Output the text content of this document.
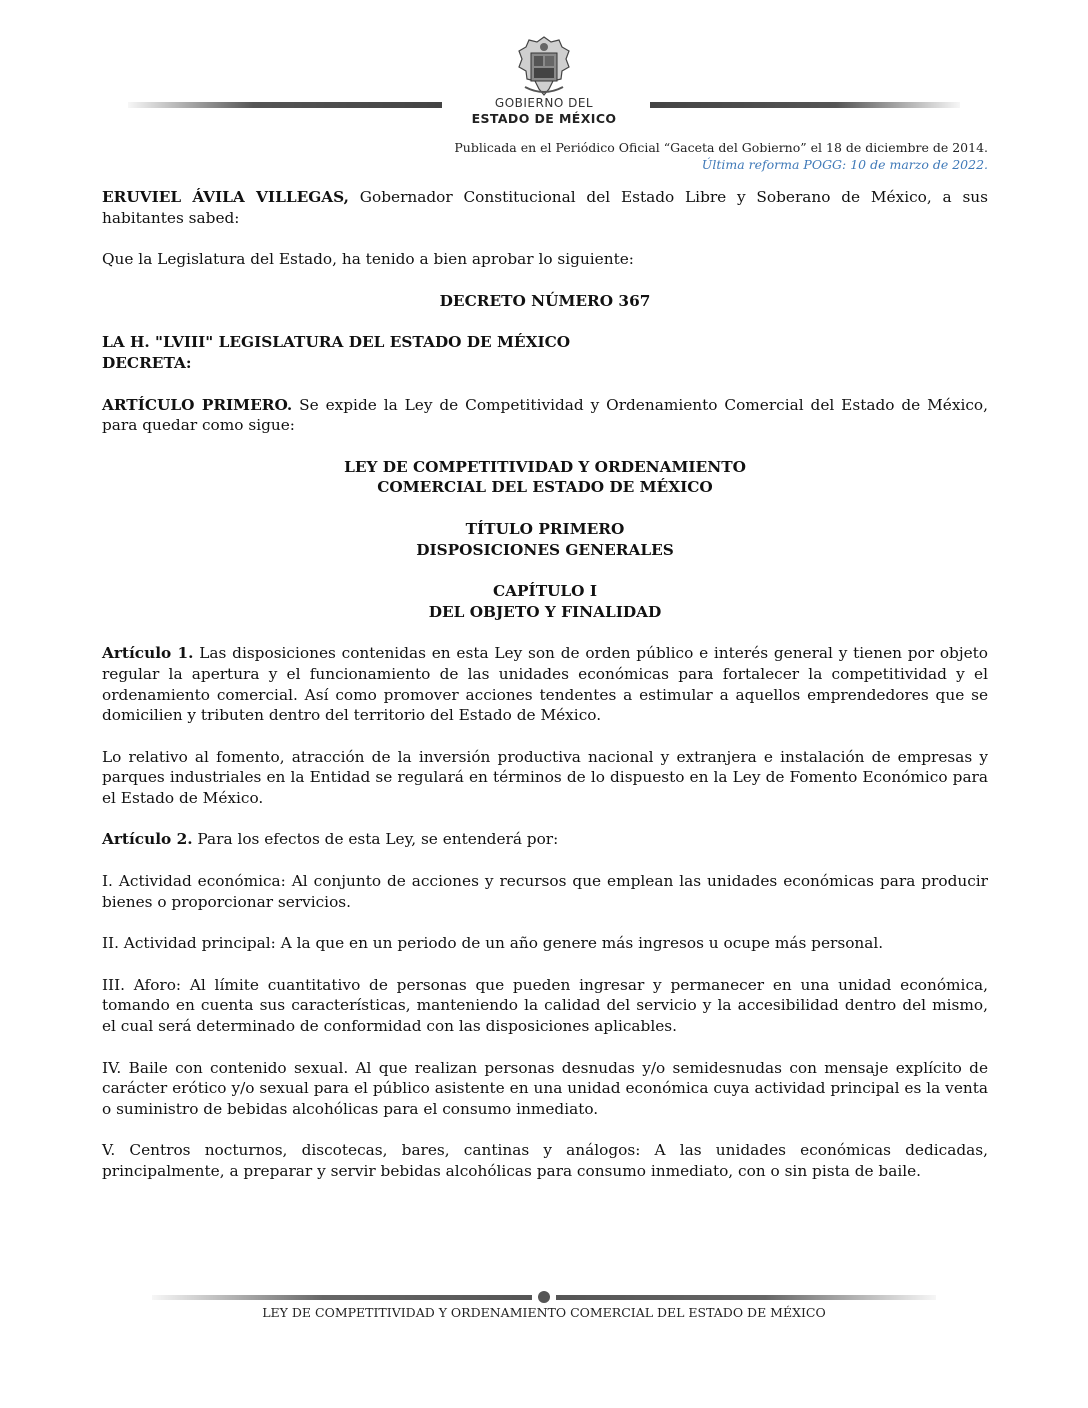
GOBIERNO DEL
ESTADO DE MÉXICO
Publicada en el Periódico Oficial “Gaceta del Gobierno” el 18 de diciembre de 2014.
Última reforma POGG: 10 de marzo de 2022.

ERUVIEL ÁVILA VILLEGAS, Gobernador Constitucional del Estado Libre y Soberano de México, a sus habitantes sabed:

Que la Legislatura del Estado, ha tenido a bien aprobar lo siguiente:

DECRETO NÚMERO 367

LA H. "LVIII" LEGISLATURA DEL ESTADO DE MÉXICO
DECRETA:

ARTÍCULO PRIMERO. Se expide la Ley de Competitividad y Ordenamiento Comercial del Estado de México, para quedar como sigue:

LEY DE COMPETITIVIDAD Y ORDENAMIENTO
COMERCIAL DEL ESTADO DE MÉXICO

TÍTULO PRIMERO
DISPOSICIONES GENERALES

CAPÍTULO I
DEL OBJETO Y FINALIDAD

Artículo 1. Las disposiciones contenidas en esta Ley son de orden público e interés general y tienen por objeto regular la apertura y el funcionamiento de las unidades económicas para fortalecer la competitividad y el ordenamiento comercial. Así como promover acciones tendentes a estimular a aquellos emprendedores que se domicilien y tributen dentro del territorio del Estado de México.

Lo relativo al fomento, atracción de la inversión productiva nacional y extranjera e instalación de empresas y parques industriales en la Entidad se regulará en términos de lo dispuesto en la Ley de Fomento Económico para el Estado de México.

Artículo 2. Para los efectos de esta Ley, se entenderá por:

I. Actividad económica: Al conjunto de acciones y recursos que emplean las unidades económicas para producir bienes o proporcionar servicios.

II. Actividad principal: A la que en un periodo de un año genere más ingresos u ocupe más personal.

III. Aforo: Al límite cuantitativo de personas que pueden ingresar y permanecer en una unidad económica, tomando en cuenta sus características, manteniendo la calidad del servicio y la accesibilidad dentro del mismo, el cual será determinado de conformidad con las disposiciones aplicables.

IV. Baile con contenido sexual. Al que realizan personas desnudas y/o semidesnudas con mensaje explícito de carácter erótico y/o sexual para el público asistente en una unidad económica cuya actividad principal es la venta o suministro de bebidas alcohólicas para el consumo inmediato.

V. Centros nocturnos, discotecas, bares, cantinas y análogos: A las unidades económicas dedicadas, principalmente, a preparar y servir bebidas alcohólicas para consumo inmediato, con o sin pista de baile.

LEY DE COMPETITIVIDAD Y ORDENAMIENTO COMERCIAL DEL ESTADO DE MÉXICO
